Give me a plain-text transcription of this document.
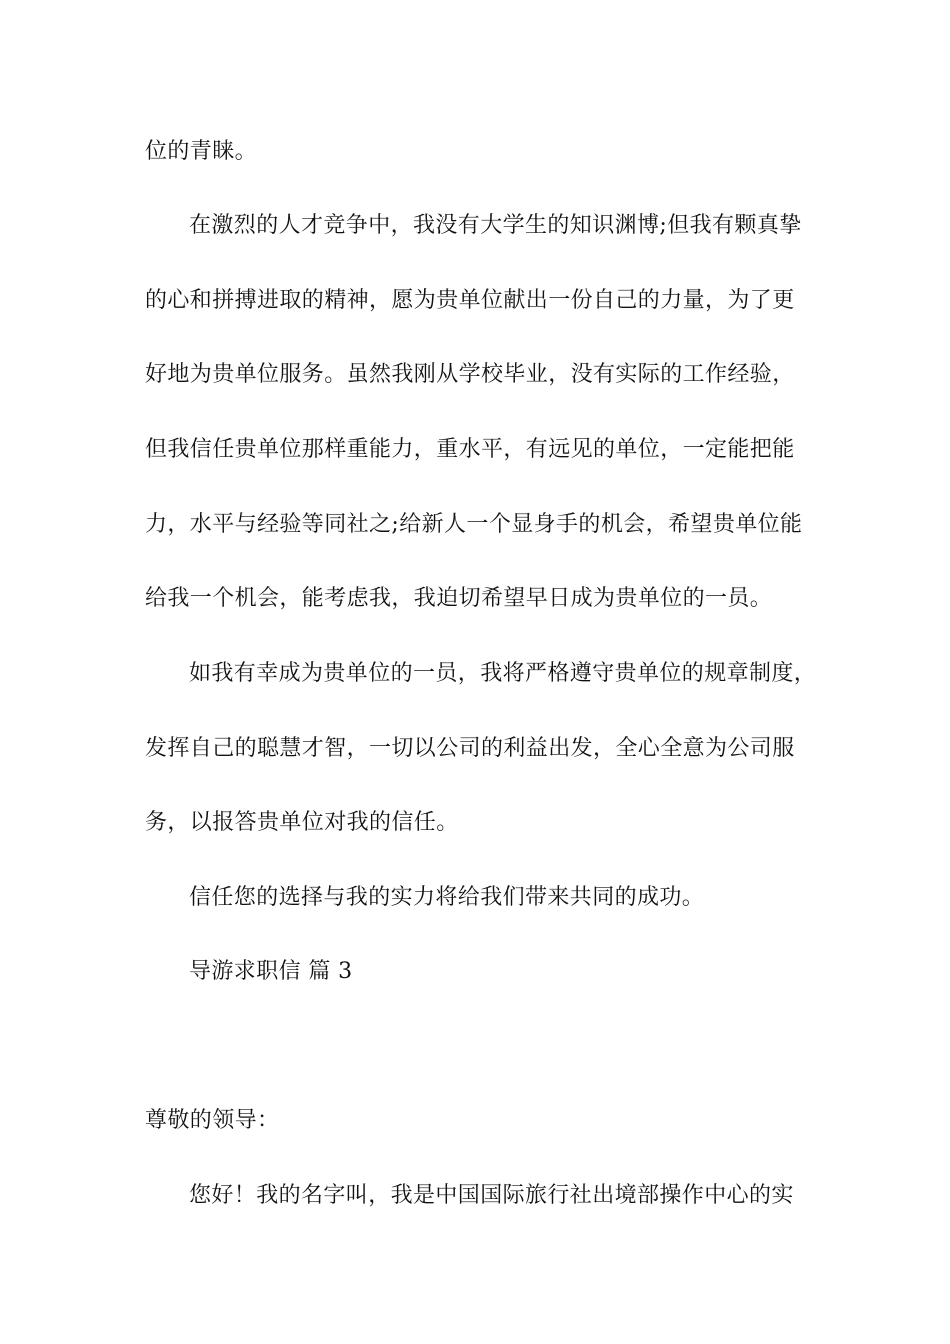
位的青睐。
在激烈的人才竞争中，我没有大学生的知识渊博;但我有颗真挚
的心和拼搏进取的精神，愿为贵单位献出一份自己的力量，为了更
好地为贵单位服务。虽然我刚从学校毕业，没有实际的工作经验，
但我信任贵单位那样重能力，重水平，有远见的单位，一定能把能
力，水平与经验等同社之;给新人一个显身手的机会，希望贵单位能
给我一个机会，能考虑我，我迫切希望早日成为贵单位的一员。
如我有幸成为贵单位的一员，我将严格遵守贵单位的规章制度，
发挥自己的聪慧才智，一切以公司的利益出发，全心全意为公司服
务，以报答贵单位对我的信任。
信任您的选择与我的实力将给我们带来共同的成功。
导游求职信 篇 3
尊敬的领导：
您好！我的名字叫，我是中国国际旅行社出境部操作中心的实
